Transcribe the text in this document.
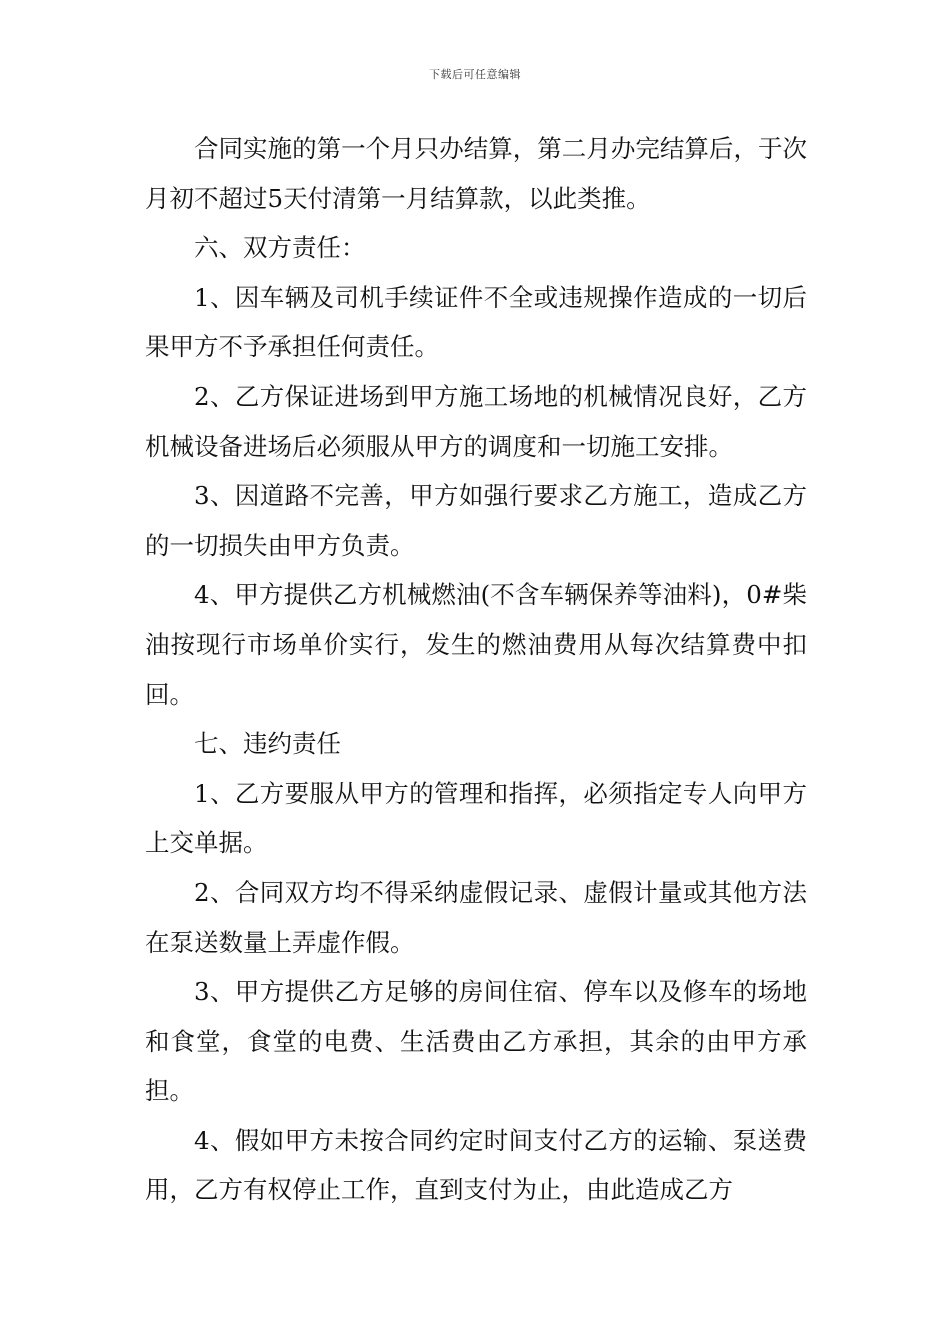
下载后可任意编辑

合同实施的第一个月只办结算，第二月办完结算后，于次月初不超过5天付清第一月结算款，以此类推。

六、双方责任：

1、因车辆及司机手续证件不全或违规操作造成的一切后果甲方不予承担任何责任。

2、乙方保证进场到甲方施工场地的机械情况良好，乙方机械设备进场后必须服从甲方的调度和一切施工安排。

3、因道路不完善，甲方如强行要求乙方施工，造成乙方的一切损失由甲方负责。

4、甲方提供乙方机械燃油(不含车辆保养等油料)，0#柴油按现行市场单价实行，发生的燃油费用从每次结算费中扣回。

七、违约责任

1、乙方要服从甲方的管理和指挥，必须指定专人向甲方上交单据。

2、合同双方均不得采纳虚假记录、虚假计量或其他方法在泵送数量上弄虚作假。

3、甲方提供乙方足够的房间住宿、停车以及修车的场地和食堂，食堂的电费、生活费由乙方承担，其余的由甲方承担。

4、假如甲方未按合同约定时间支付乙方的运输、泵送费用，乙方有权停止工作，直到支付为止，由此造成乙方
